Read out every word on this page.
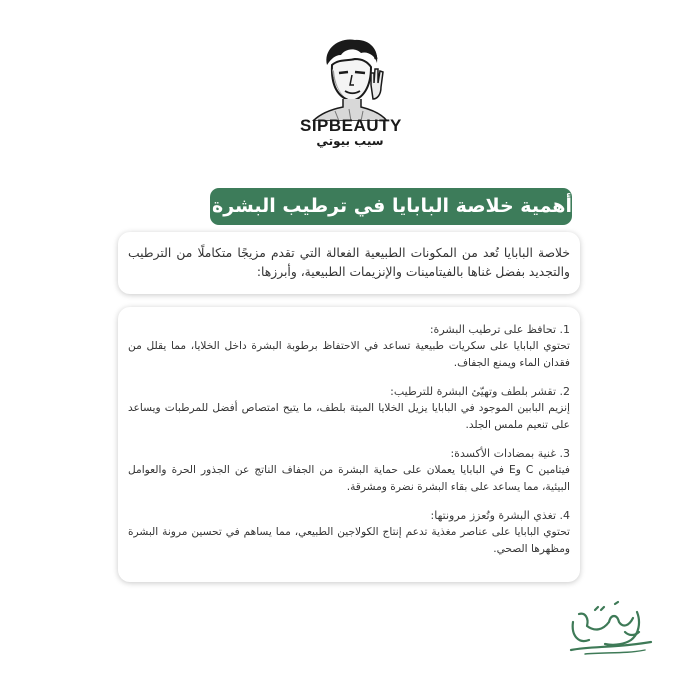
SIPBEAUTY
سيب بيوتي
أهمية خلاصة البابايا في ترطيب البشرة:

خلاصة البابايا تُعد من المكونات الطبيعية الفعالة التي تقدم مزيجًا متكاملًا من الترطيب والتجديد بفضل غناها بالفيتامينات والإنزيمات الطبيعية، وأبرزها:

1. تحافظ على ترطيب البشرة:
تحتوي البابايا على سكريات طبيعية تساعد في الاحتفاظ برطوبة البشرة داخل الخلايا، مما يقلل من فقدان الماء ويمنع الجفاف.
2. تقشر بلطف وتهيّئ البشرة للترطيب:
إنزيم البابين الموجود في البابايا يزيل الخلايا الميتة بلطف، ما يتيح امتصاص أفضل للمرطبات ويساعد على تنعيم ملمس الجلد.
3. غنية بمضادات الأكسدة:
فيتامين C وE في البابايا يعملان على حماية البشرة من الجفاف الناتج عن الجذور الحرة والعوامل البيئية، مما يساعد على بقاء البشرة نضرة ومشرقة.
4. تغذي البشرة وتُعزز مرونتها:
تحتوي البابايا على عناصر مغذية تدعم إنتاج الكولاجين الطبيعي، مما يساهم في تحسين مرونة البشرة ومظهرها الصحي.
